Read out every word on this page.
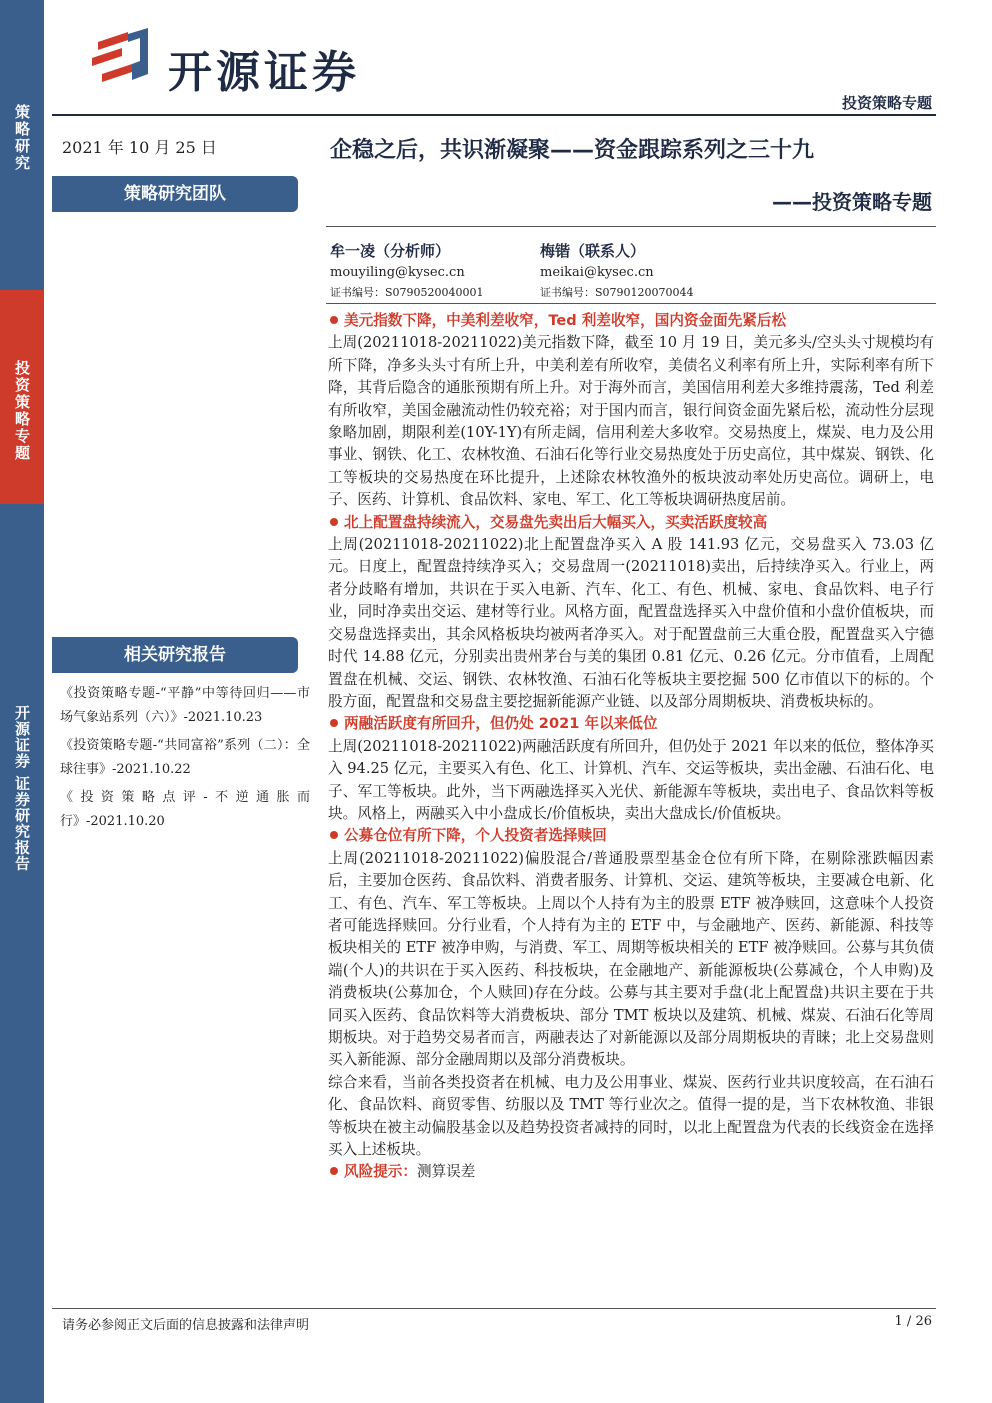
策略研究
投资策略专题
开源证券 证券研究报告
开源证券
投资策略专题
2021 年 10 月 25 日
策略研究团队
相关研究报告

《投资策略专题-“平静”中等待回归——市场气象站系列（六）》-2021.10.23

《投资策略专题-“共同富裕”系列（二）：全球往事》-2021.10.22

《投资策略点评-不逆通胀而行》-2021.10.20

企稳之后，共识渐凝聚——资金跟踪系列之三十九
——投资策略专题
牟一凌（分析师）
mouyiling@kysec.cn
证书编号：S0790520040001
梅锴（联系人）
meikai@kysec.cn
证书编号：S0790120070044
美元指数下降，中美利差收窄，Ted 利差收窄，国内资金面先紧后松

上周(20211018-20211022)美元指数下降，截至 10 月 19 日，美元多头/空头头寸规模均有所下降，净多头头寸有所上升，中美利差有所收窄，美债名义利率有所上升，实际利率有所下降，其背后隐含的通胀预期有所上升。对于海外而言，美国信用利差大多维持震荡，Ted 利差有所收窄，美国金融流动性仍较充裕；对于国内而言，银行间资金面先紧后松，流动性分层现象略加剧，期限利差(10Y-1Y)有所走阔，信用利差大多收窄。交易热度上，煤炭、电力及公用事业、钢铁、化工、农林牧渔、石油石化等行业交易热度处于历史高位，其中煤炭、钢铁、化工等板块的交易热度在环比提升，上述除农林牧渔外的板块波动率处历史高位。调研上，电子、医药、计算机、食品饮料、家电、军工、化工等板块调研热度居前。

北上配置盘持续流入，交易盘先卖出后大幅买入，买卖活跃度较高

上周(20211018-20211022)北上配置盘净买入 A 股 141.93 亿元，交易盘买入 73.03 亿元。日度上，配置盘持续净买入；交易盘周一(20211018)卖出，后持续净买入。行业上，两者分歧略有增加，共识在于买入电新、汽车、化工、有色、机械、家电、食品饮料、电子行业，同时净卖出交运、建材等行业。风格方面，配置盘选择买入中盘价值和小盘价值板块，而交易盘选择卖出，其余风格板块均被两者净买入。对于配置盘前三大重仓股，配置盘买入宁德时代 14.88 亿元，分别卖出贵州茅台与美的集团 0.81 亿元、0.26 亿元。分市值看，上周配置盘在机械、交运、钢铁、农林牧渔、石油石化等板块主要挖掘 500 亿市值以下的标的。个股方面，配置盘和交易盘主要挖掘新能源产业链、以及部分周期板块、消费板块标的。

两融活跃度有所回升，但仍处 2021 年以来低位

上周(20211018-20211022)两融活跃度有所回升，但仍处于 2021 年以来的低位，整体净买入 94.25 亿元，主要买入有色、化工、计算机、汽车、交运等板块，卖出金融、石油石化、电子、军工等板块。此外，当下两融选择买入光伏、新能源车等板块，卖出电子、食品饮料等板块。风格上，两融买入中小盘成长/价值板块，卖出大盘成长/价值板块。

公募仓位有所下降，个人投资者选择赎回

上周(20211018-20211022)偏股混合/普通股票型基金仓位有所下降，在剔除涨跌幅因素后，主要加仓医药、食品饮料、消费者服务、计算机、交运、建筑等板块，主要减仓电新、化工、有色、汽车、军工等板块。上周以个人持有为主的股票 ETF 被净赎回，这意味个人投资者可能选择赎回。分行业看，个人持有为主的 ETF 中，与金融地产、医药、新能源、科技等板块相关的 ETF 被净申购，与消费、军工、周期等板块相关的 ETF 被净赎回。公募与其负债端(个人)的共识在于买入医药、科技板块，在金融地产、新能源板块(公募减仓，个人申购)及消费板块(公募加仓，个人赎回)存在分歧。公募与其主要对手盘(北上配置盘)共识主要在于共同买入医药、食品饮料等大消费板块、部分 TMT 板块以及建筑、机械、煤炭、石油石化等周期板块。对于趋势交易者而言，两融表达了对新能源以及部分周期板块的青睐；北上交易盘则买入新能源、部分金融周期以及部分消费板块。

综合来看，当前各类投资者在机械、电力及公用事业、煤炭、医药行业共识度较高，在石油石化、食品饮料、商贸零售、纺服以及 TMT 等行业次之。值得一提的是，当下农林牧渔、非银等板块在被主动偏股基金以及趋势投资者减持的同时，以北上配置盘为代表的长线资金在选择买入上述板块。

风险提示：测算误差
请务必参阅正文后面的信息披露和法律声明	1 / 26
